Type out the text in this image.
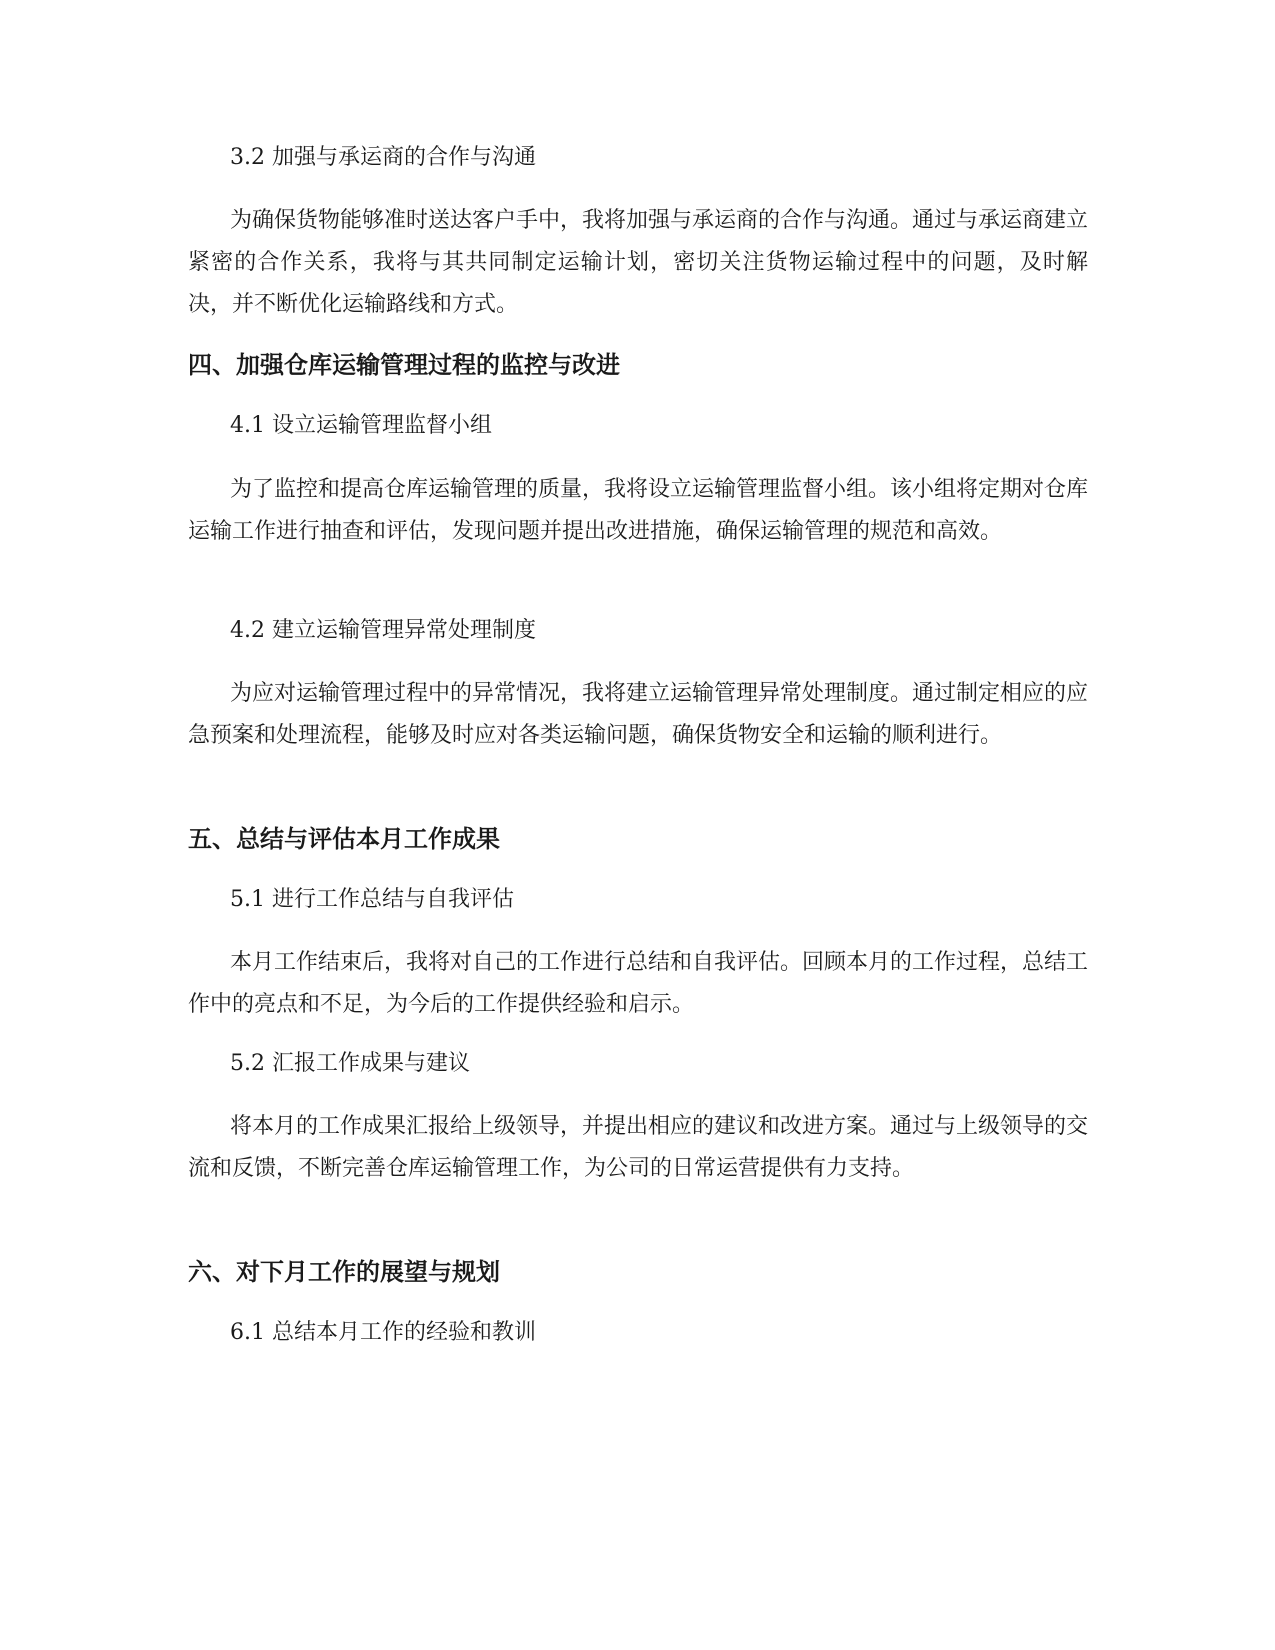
3.2 加强与承运商的合作与沟通

为确保货物能够准时送达客户手中，我将加强与承运商的合作与沟通。通过与承运商建立紧密的合作关系，我将与其共同制定运输计划，密切关注货物运输过程中的问题，及时解决，并不断优化运输路线和方式。

四、加强仓库运输管理过程的监控与改进
4.1 设立运输管理监督小组

为了监控和提高仓库运输管理的质量，我将设立运输管理监督小组。该小组将定期对仓库运输工作进行抽查和评估，发现问题并提出改进措施，确保运输管理的规范和高效。

4.2 建立运输管理异常处理制度

为应对运输管理过程中的异常情况，我将建立运输管理异常处理制度。通过制定相应的应急预案和处理流程，能够及时应对各类运输问题，确保货物安全和运输的顺利进行。

五、总结与评估本月工作成果
5.1 进行工作总结与自我评估

本月工作结束后，我将对自己的工作进行总结和自我评估。回顾本月的工作过程，总结工作中的亮点和不足，为今后的工作提供经验和启示。

5.2 汇报工作成果与建议

将本月的工作成果汇报给上级领导，并提出相应的建议和改进方案。通过与上级领导的交流和反馈，不断完善仓库运输管理工作，为公司的日常运营提供有力支持。

六、对下月工作的展望与规划
6.1 总结本月工作的经验和教训
